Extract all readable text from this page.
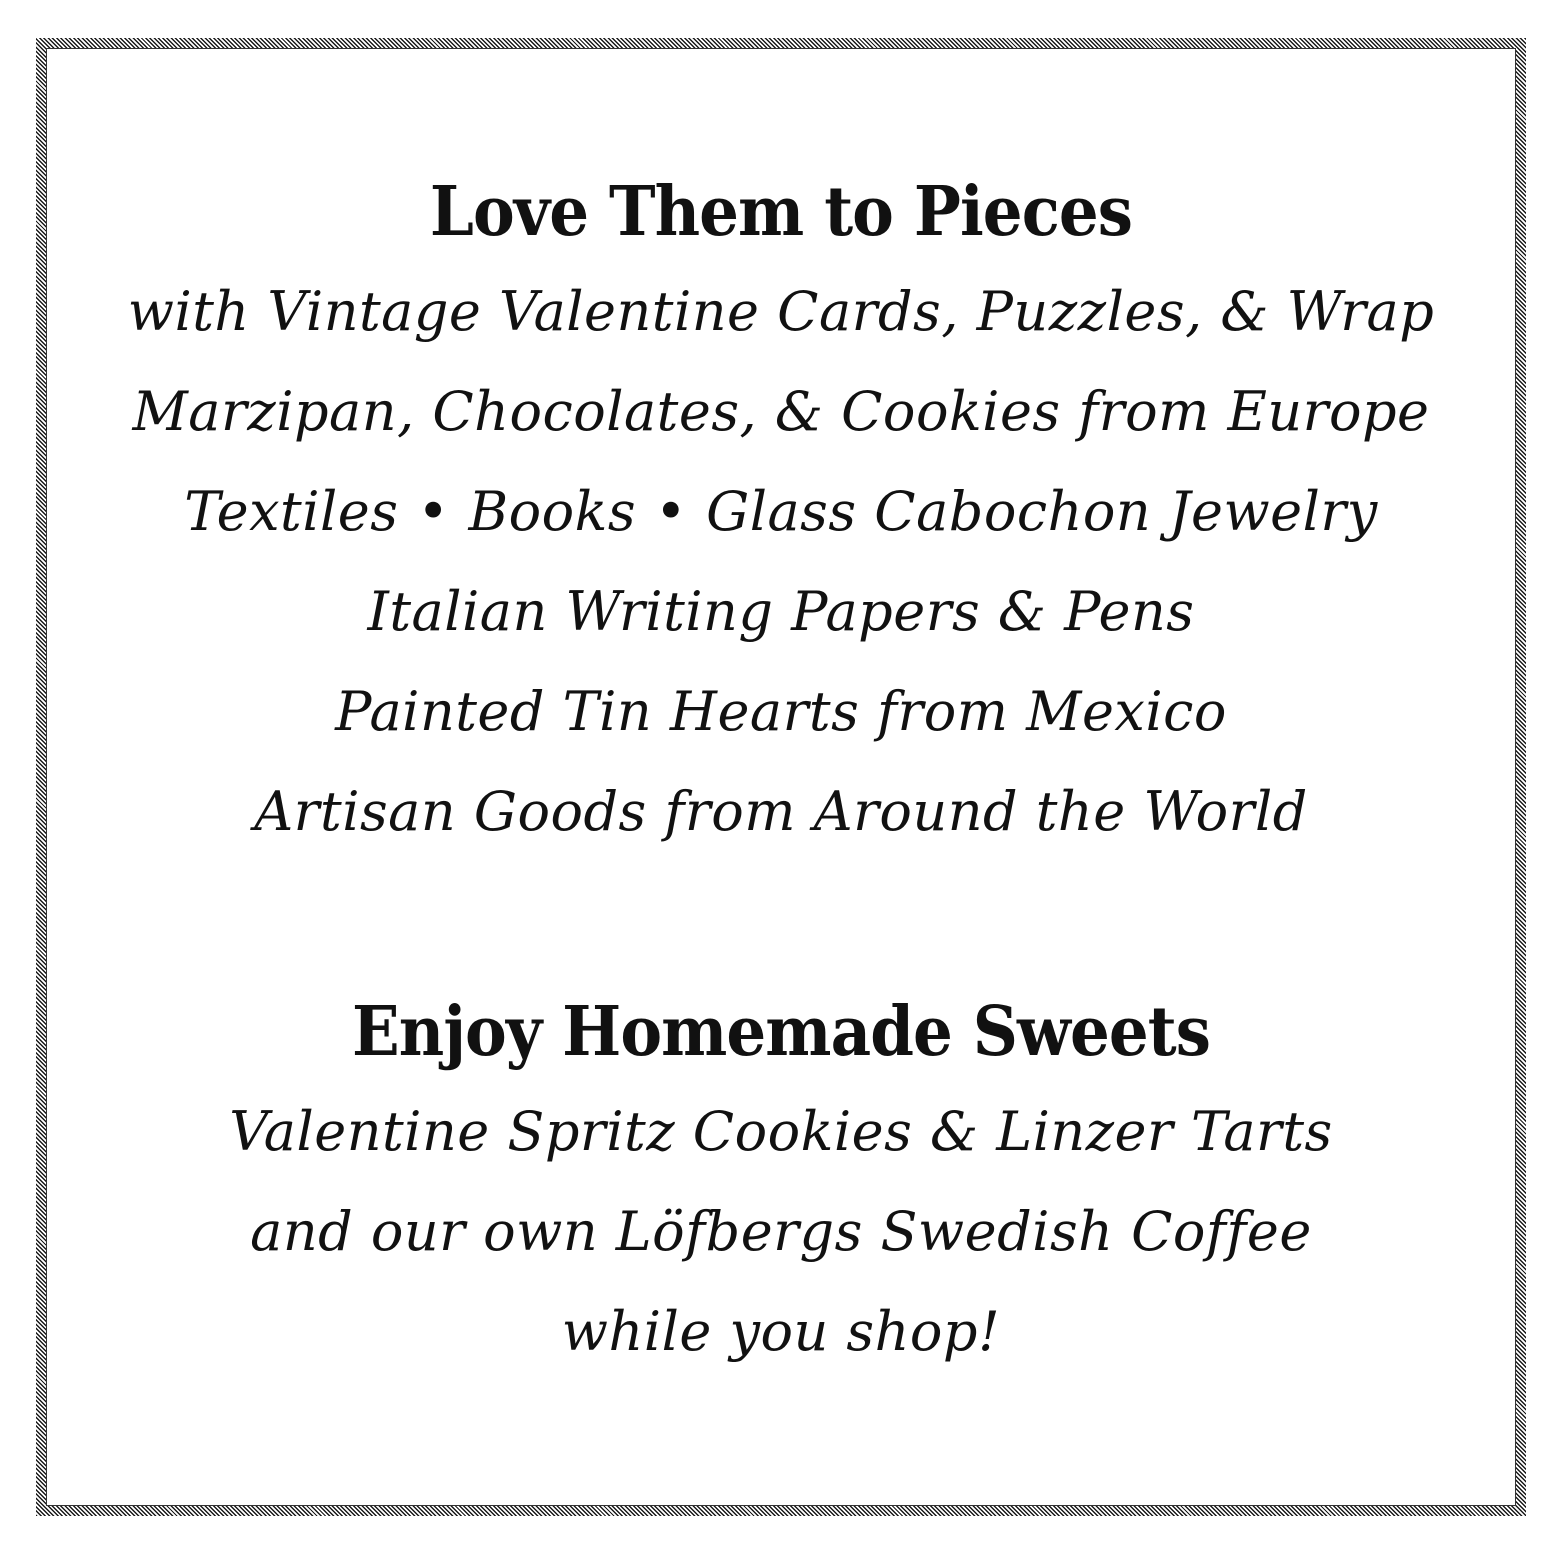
Love Them to Pieces
with Vintage Valentine Cards, Puzzles, & Wrap
Marzipan, Chocolates, & Cookies from Europe
Textiles • Books • Glass Cabochon Jewelry
Italian Writing Papers & Pens
Painted Tin Hearts from Mexico
Artisan Goods from Around the World
Enjoy Homemade Sweets
Valentine Spritz Cookies & Linzer Tarts
and our own Löfbergs Swedish Coffee
while you shop!
